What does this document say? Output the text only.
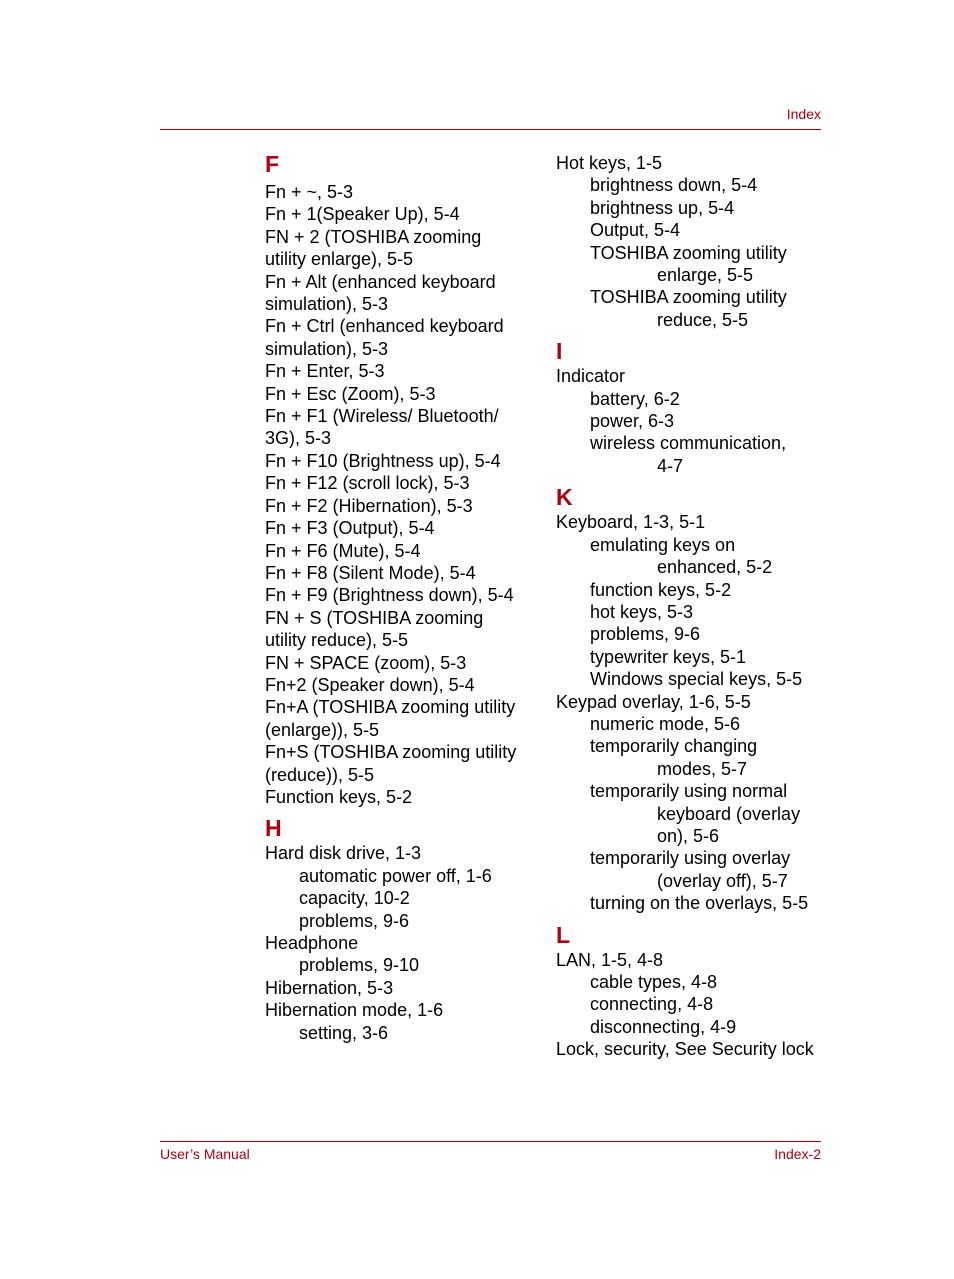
Index
F
Fn + ~, 5-3
Fn + 1(Speaker Up), 5-4
FN + 2 (TOSHIBA zooming
utility enlarge), 5-5
Fn + Alt (enhanced keyboard
simulation), 5-3
Fn + Ctrl (enhanced keyboard
simulation), 5-3
Fn + Enter, 5-3
Fn + Esc (Zoom), 5-3
Fn + F1 (Wireless/ Bluetooth/
3G), 5-3
Fn + F10 (Brightness up), 5-4
Fn + F12 (scroll lock), 5-3
Fn + F2 (Hibernation), 5-3
Fn + F3 (Output), 5-4
Fn + F6 (Mute), 5-4
Fn + F8 (Silent Mode), 5-4
Fn + F9 (Brightness down), 5-4
FN + S (TOSHIBA zooming
utility reduce), 5-5
FN + SPACE (zoom), 5-3
Fn+2 (Speaker down), 5-4
Fn+A (TOSHIBA zooming utility
(enlarge)), 5-5
Fn+S (TOSHIBA zooming utility
(reduce)), 5-5
Function keys, 5-2
H
Hard disk drive, 1-3
automatic power off, 1-6
capacity, 10-2
problems, 9-6
Headphone
problems, 9-10
Hibernation, 5-3
Hibernation mode, 1-6
setting, 3-6
Hot keys, 1-5
brightness down, 5-4
brightness up, 5-4
Output, 5-4
TOSHIBA zooming utility
enlarge, 5-5
TOSHIBA zooming utility
reduce, 5-5
I
Indicator
battery, 6-2
power, 6-3
wireless communication,
4-7
K
Keyboard, 1-3, 5-1
emulating keys on
enhanced, 5-2
function keys, 5-2
hot keys, 5-3
problems, 9-6
typewriter keys, 5-1
Windows special keys, 5-5
Keypad overlay, 1-6, 5-5
numeric mode, 5-6
temporarily changing
modes, 5-7
temporarily using normal
keyboard (overlay
on), 5-6
temporarily using overlay
(overlay off), 5-7
turning on the overlays, 5-5
L
LAN, 1-5, 4-8
cable types, 4-8
connecting, 4-8
disconnecting, 4-9
Lock, security, See Security lock
User’s Manual	Index-2
